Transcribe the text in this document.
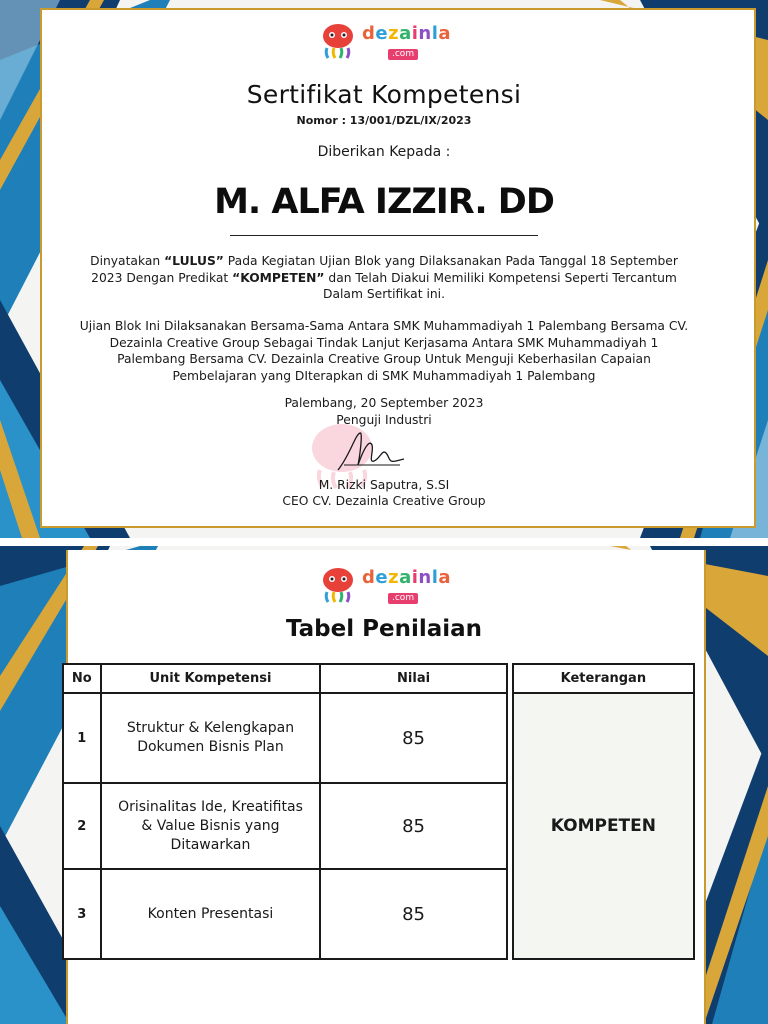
dezainla
.com
Sertifikat Kompetensi
Nomor : 13/001/DZL/IX/2023
Diberikan Kepada :
M. ALFA IZZIR. DD
Dinyatakan “LULUS” Pada Kegiatan Ujian Blok yang Dilaksanakan Pada Tanggal 18 September 2023 Dengan Predikat “KOMPETEN” dan Telah Diakui Memiliki Kompetensi Seperti Tercantum Dalam Sertifikat ini.
Ujian Blok Ini Dilaksanakan Bersama-Sama Antara SMK Muhammadiyah 1 Palembang Bersama CV. Dezainla Creative Group Sebagai Tindak Lanjut Kerjasama Antara SMK Muhammadiyah 1 Palembang Bersama CV. Dezainla Creative Group Untuk Menguji Keberhasilan Capaian Pembelajaran yang DIterapkan di SMK Muhammadiyah 1 Palembang
Palembang, 20 September 2023
Penguji Industri
M. Rizki Saputra, S.SI
CEO CV. Dezainla Creative Group
dezainla
.com
Tabel Penilaian
No	Unit Kompetensi	Nilai		Keterangan
1	Struktur & Kelengkapan Dokumen Bisnis Plan	85		KOMPETEN
2	Orisinalitas Ide, Kreatifitas & Value Bisnis yang Ditawarkan	85		
3	Konten Presentasi	85		
